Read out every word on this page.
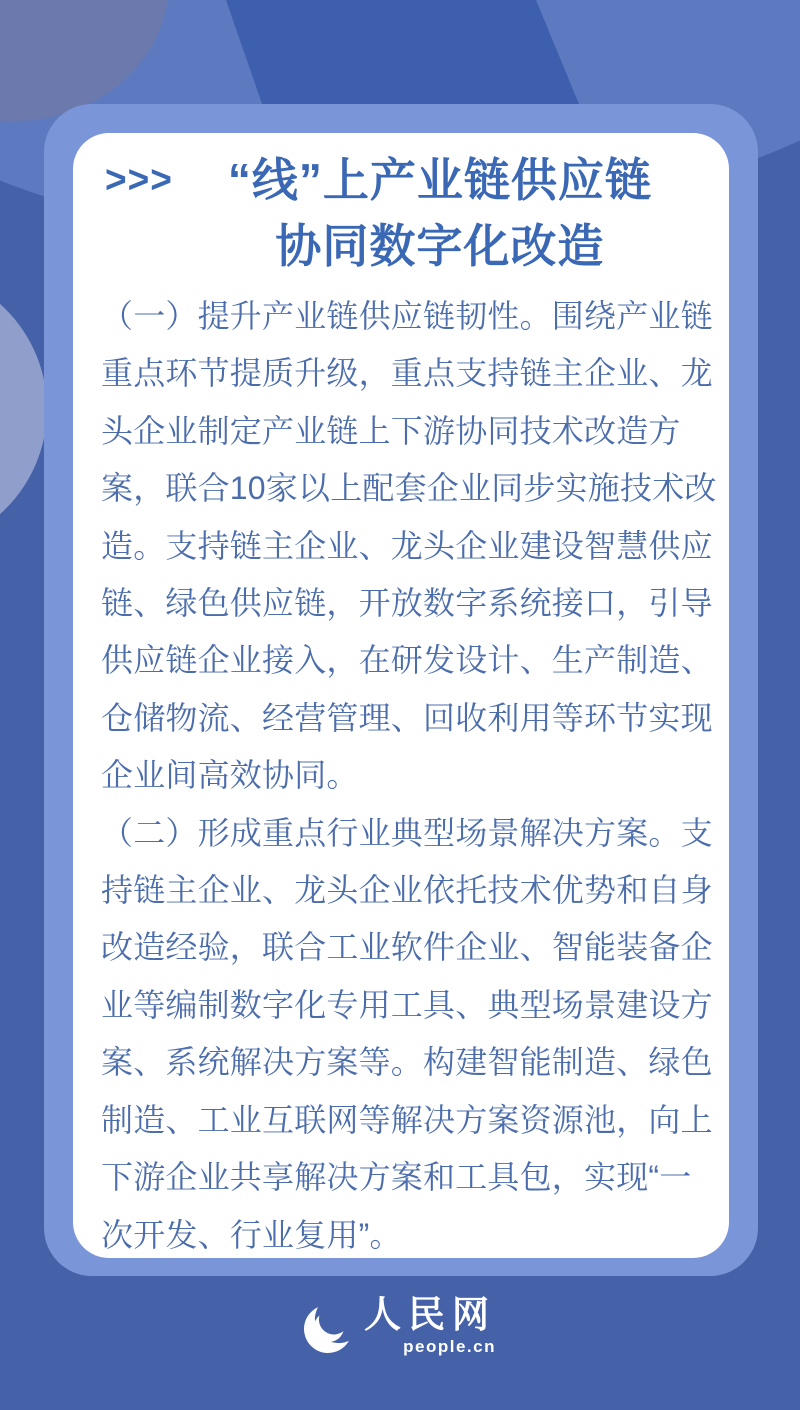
>>>	“线”上产业链供应链
协同数字化改造
（一）提升产业链供应链韧性。围绕产业链
重点环节提质升级，重点支持链主企业、龙
头企业制定产业链上下游协同技术改造方
案，联合10家以上配套企业同步实施技术改
造。支持链主企业、龙头企业建设智慧供应
链、绿色供应链，开放数字系统接口，引导
供应链企业接入，在研发设计、生产制造、
仓储物流、经营管理、回收利用等环节实现
企业间高效协同。
（二）形成重点行业典型场景解决方案。支
持链主企业、龙头企业依托技术优势和自身
改造经验，联合工业软件企业、智能装备企
业等编制数字化专用工具、典型场景建设方
案、系统解决方案等。构建智能制造、绿色
制造、工业互联网等解决方案资源池，向上
下游企业共享解决方案和工具包，实现“一
次开发、行业复用”。
人民网
people.cn
